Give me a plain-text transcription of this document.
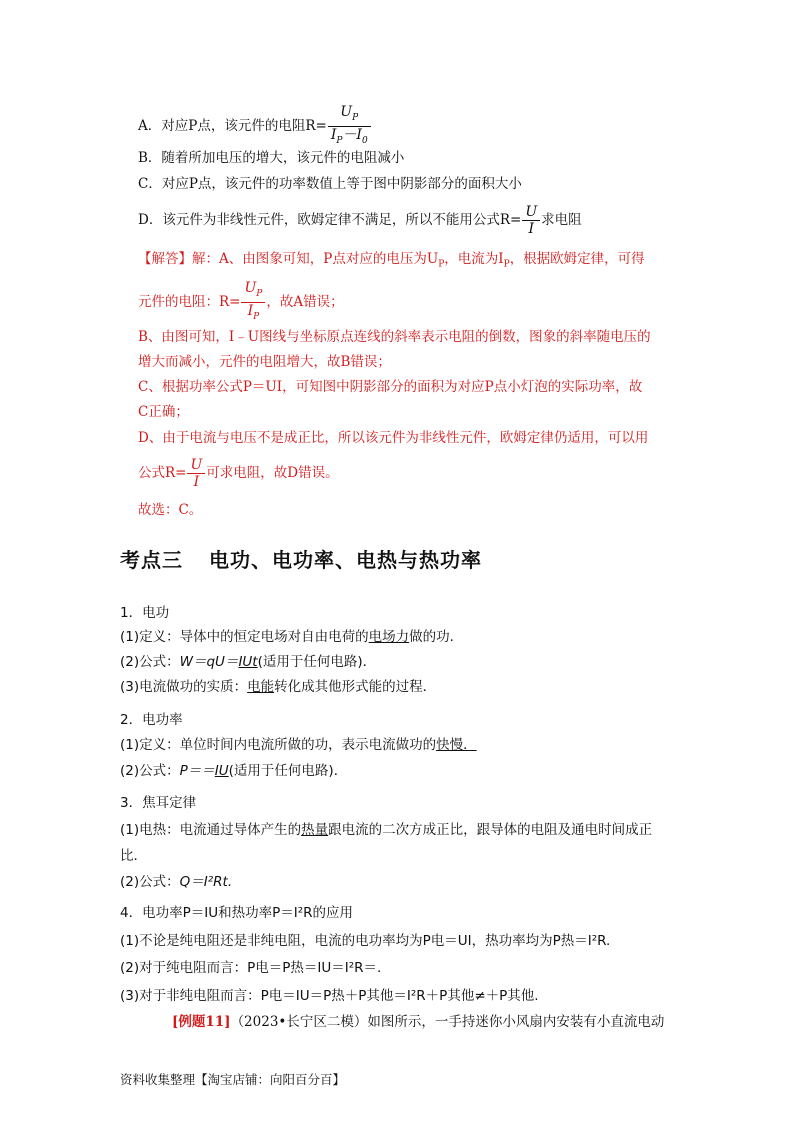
A．对应P点，该元件的电阻$R= \frac{U_P}{I_P-I_0}$
B．随着所加电压的增大，该元件的电阻减小
C．对应P点，该元件的功率数值上等于图中阴影部分的面积大小
D．该元件为非线性元件，欧姆定律不满足，所以不能用公式$R= \frac{U}{I}$ 求电阻
【解答】解：A、由图象可知，P点对应的电压为$U_P$，电流为$I_P$，根据欧姆定律，可得
元件的电阻：$R= \frac{U_P}{I_P}$ ，故A错误；
B、由图可知，I﹣U图线与坐标原点连线的斜率表示电阻的倒数，图象的斜率随电压的
增大而减小，元件的电阻增大，故B错误；
C、根据功率公式P＝UI，可知图中阴影部分的面积为对应P点小灯泡的实际功率，故
C正确；
D、由于电流与电压不是成正比，所以该元件为非线性元件，欧姆定律仍适用，可以用
公式$R= \frac{U}{I}$ 可求电阻，故D错误。
故选：C。
考点三 电功、电功率、电热与热功率
1．电功
(1)定义：导体中的恒定电场对自由电荷的电场力做的功．
(2)公式：W＝qU＝IUt(适用于任何电路)．
(3)电流做功的实质：电能转化成其他形式能的过程．
2．电功率
(1)定义：单位时间内电流所做的功，表示电流做功的快慢．
(2)公式：P＝＝IU(适用于任何电路)．
3．焦耳定律
(1)电热：电流通过导体产生的热量跟电流的二次方成正比，跟导体的电阻及通电时间成正
比．
(2)公式：Q＝I²Rt.
4．电功率P＝IU和热功率P＝I²R的应用
(1)不论是纯电阻还是非纯电阻，电流的电功率均为P电＝UI，热功率均为P热＝I²R.
(2)对于纯电阻而言：P电＝P热＝IU＝I²R＝.
(3)对于非纯电阻而言：P电＝IU＝P热＋P其他＝I²R＋P其他≠＋P其他.
[例题11]（2023•长宁区二模）如图所示，一手持迷你小风扇内安装有小直流电动
资料收集整理【淘宝店铺：向阳百分百】
